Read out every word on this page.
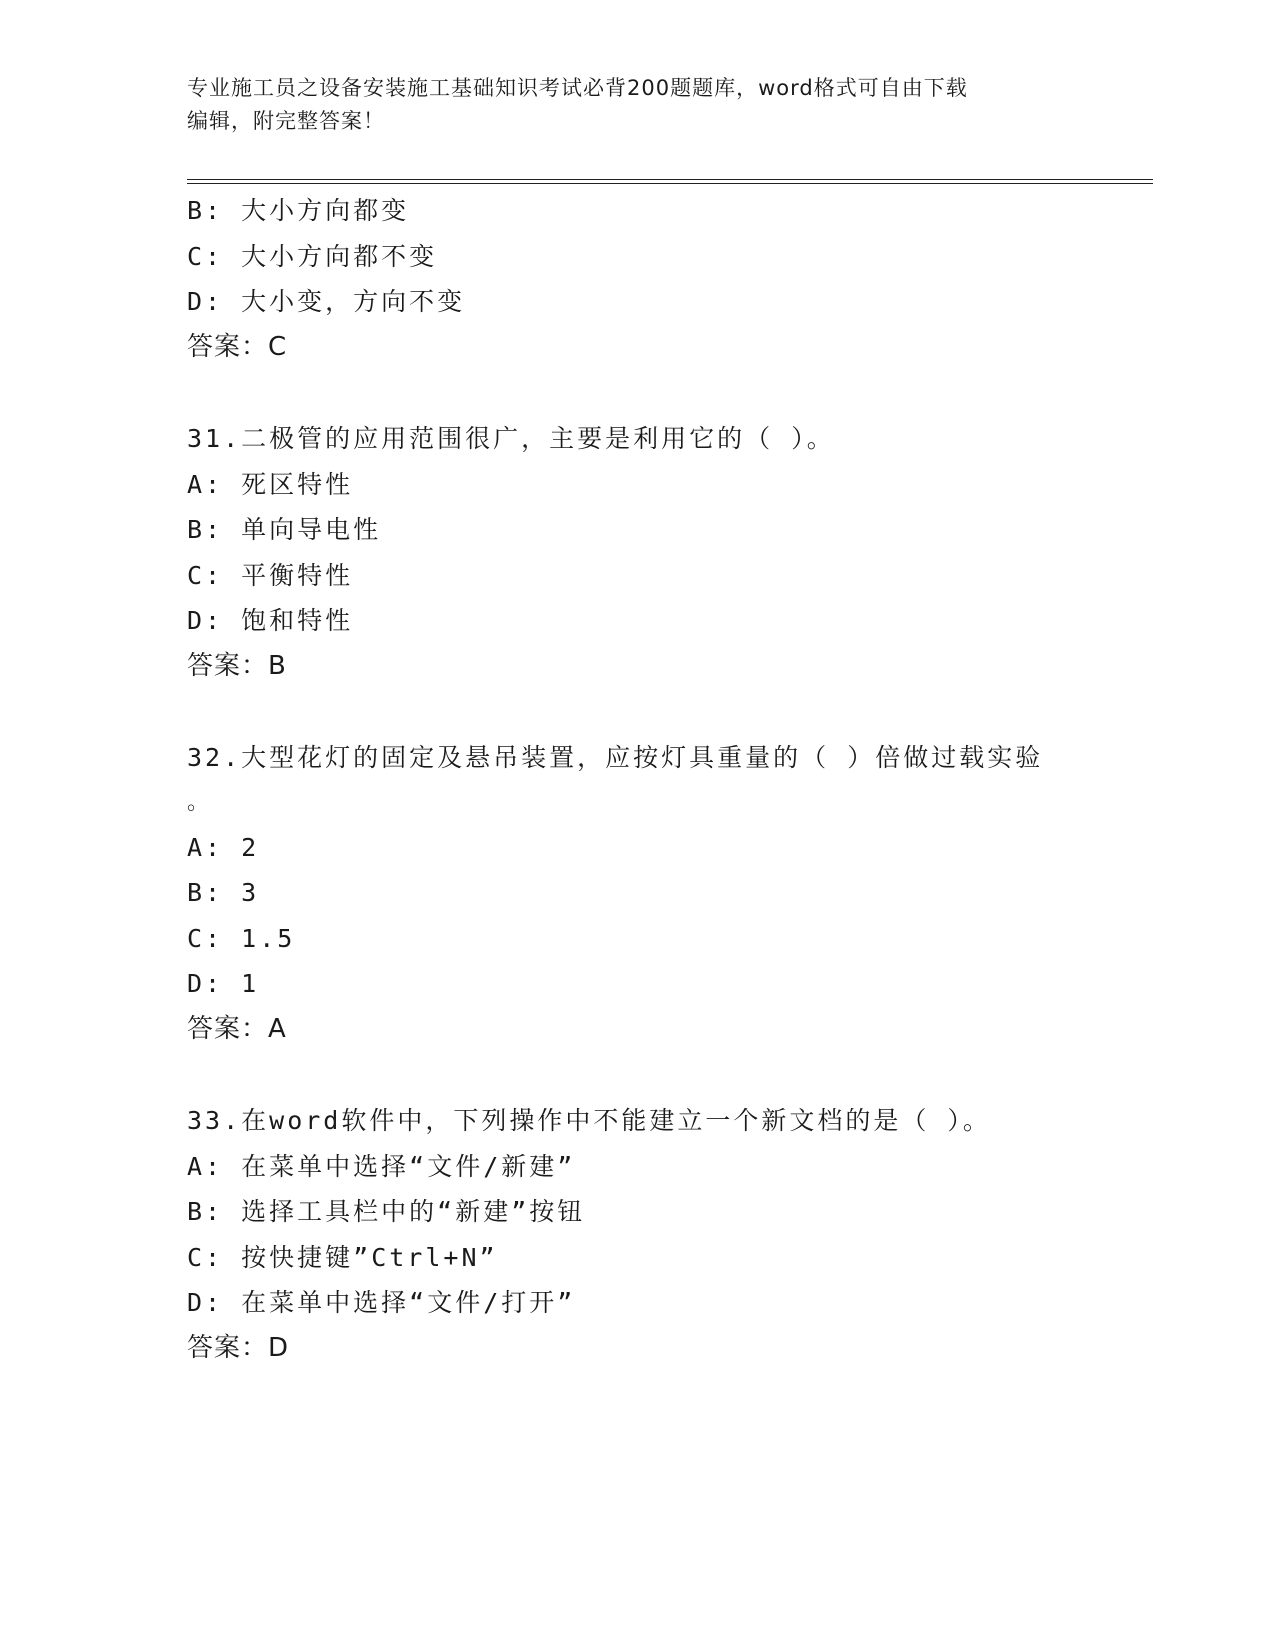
专业施工员之设备安装施工基础知识考试必背200题题库，word格式可自由下载
编辑，附完整答案！
B: 大小方向都变
C: 大小方向都不变
D: 大小变，方向不变
答案：C
31.二极管的应用范围很广，主要是利用它的（ ）。
A: 死区特性
B: 单向导电性
C: 平衡特性
D: 饱和特性
答案：B
32.大型花灯的固定及悬吊装置，应按灯具重量的（ ）倍做过载实验
。
A: 2
B: 3
C: 1.5
D: 1
答案：A
33.在word软件中，下列操作中不能建立一个新文档的是（ ）。
A: 在菜单中选择“文件/新建”
B: 选择工具栏中的“新建”按钮
C: 按快捷键”Ctrl+N”
D: 在菜单中选择“文件/打开”
答案：D
